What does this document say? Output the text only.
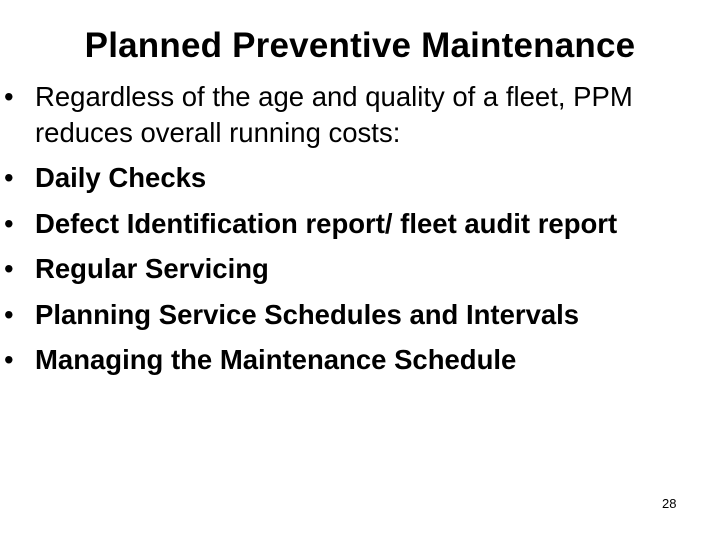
Planned Preventive Maintenance
• Regardless of the age and quality of a fleet, PPM reduces overall running costs:
• Daily Checks
• Defect Identification report/ fleet audit report
• Regular Servicing
• Planning Service Schedules and Intervals
• Managing the Maintenance Schedule
28
